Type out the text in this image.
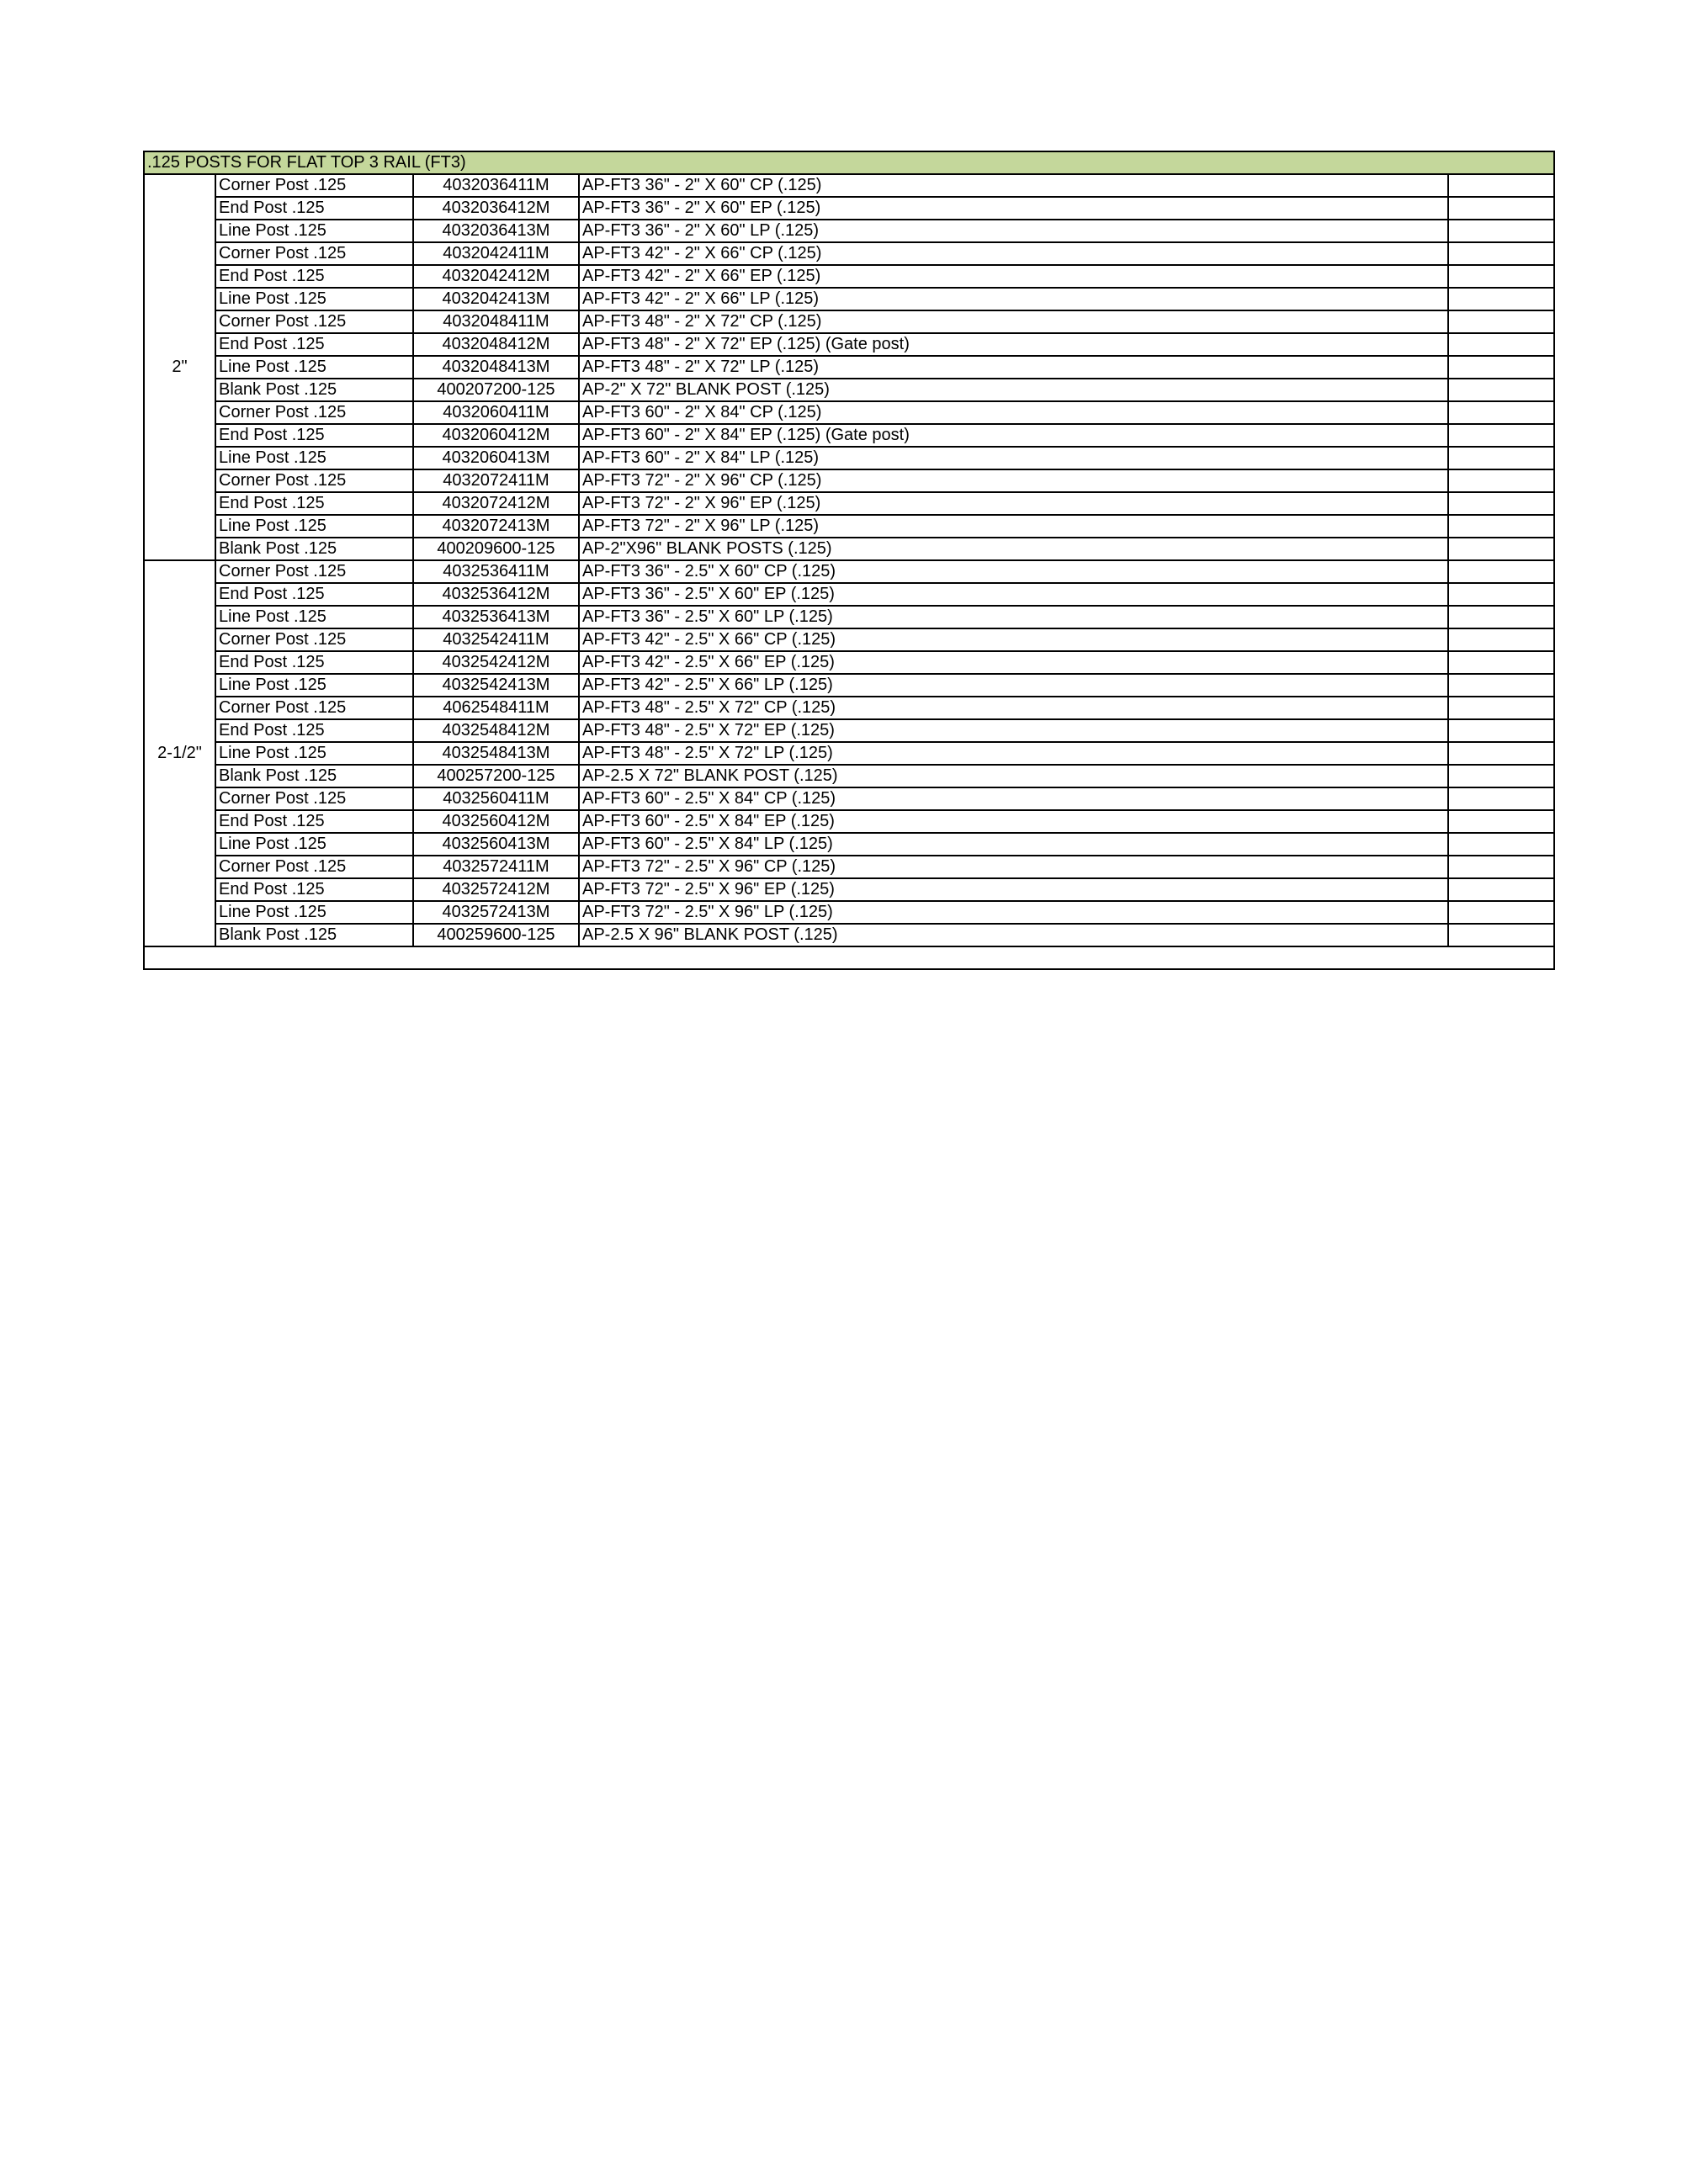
.125 POSTS FOR FLAT TOP 3 RAIL (FT3)				
2"	Corner Post .125	4032036411M	AP-FT3 36" - 2" X 60" CP (.125)	
	End Post .125	4032036412M	AP-FT3 36" - 2" X 60" EP (.125)	
	Line Post .125	4032036413M	AP-FT3 36" - 2" X 60" LP (.125)	
	Corner Post .125	4032042411M	AP-FT3 42" - 2" X 66" CP (.125)	
	End Post .125	4032042412M	AP-FT3 42" - 2" X 66" EP (.125)	
	Line Post .125	4032042413M	AP-FT3 42" - 2" X 66" LP (.125)	
	Corner Post .125	4032048411M	AP-FT3 48" - 2" X 72" CP (.125)	
	End Post .125	4032048412M	AP-FT3 48" - 2" X 72" EP (.125) (Gate post)	
	Line Post .125	4032048413M	AP-FT3 48" - 2" X 72" LP (.125)	
	Blank Post .125	400207200-125	AP-2" X 72" BLANK POST (.125)	
	Corner Post .125	4032060411M	AP-FT3 60" - 2" X 84" CP (.125)	
	End Post .125	4032060412M	AP-FT3 60" - 2" X 84" EP (.125) (Gate post)	
	Line Post .125	4032060413M	AP-FT3 60" - 2" X 84" LP (.125)	
	Corner Post .125	4032072411M	AP-FT3 72" - 2" X 96" CP (.125)	
	End Post .125	4032072412M	AP-FT3 72" - 2" X 96" EP (.125)	
	Line Post .125	4032072413M	AP-FT3 72" - 2" X 96" LP (.125)	
	Blank Post .125	400209600-125	AP-2"X96" BLANK POSTS (.125)	
2-1/2"	Corner Post .125	4032536411M	AP-FT3 36" - 2.5" X 60" CP (.125)	
	End Post .125	4032536412M	AP-FT3 36" - 2.5" X 60" EP (.125)	
	Line Post .125	4032536413M	AP-FT3 36" - 2.5" X 60" LP (.125)	
	Corner Post .125	4032542411M	AP-FT3 42" - 2.5" X 66" CP (.125)	
	End Post .125	4032542412M	AP-FT3 42" - 2.5" X 66" EP (.125)	
	Line Post .125	4032542413M	AP-FT3 42" - 2.5" X 66" LP (.125)	
	Corner Post .125	4062548411M	AP-FT3 48" - 2.5" X 72" CP (.125)	
	End Post .125	4032548412M	AP-FT3 48" - 2.5" X 72" EP (.125)	
	Line Post .125	4032548413M	AP-FT3 48" - 2.5" X 72" LP (.125)	
	Blank Post .125	400257200-125	AP-2.5 X 72" BLANK POST (.125)	
	Corner Post .125	4032560411M	AP-FT3 60" - 2.5" X 84" CP (.125)	
	End Post .125	4032560412M	AP-FT3 60" - 2.5" X 84" EP (.125)	
	Line Post .125	4032560413M	AP-FT3 60" - 2.5" X 84" LP (.125)	
	Corner Post .125	4032572411M	AP-FT3 72" - 2.5" X 96" CP (.125)	
	End Post .125	4032572412M	AP-FT3 72" - 2.5" X 96" EP (.125)	
	Line Post .125	4032572413M	AP-FT3 72" - 2.5" X 96" LP (.125)	
	Blank Post .125	400259600-125	AP-2.5 X 96" BLANK POST (.125)	
